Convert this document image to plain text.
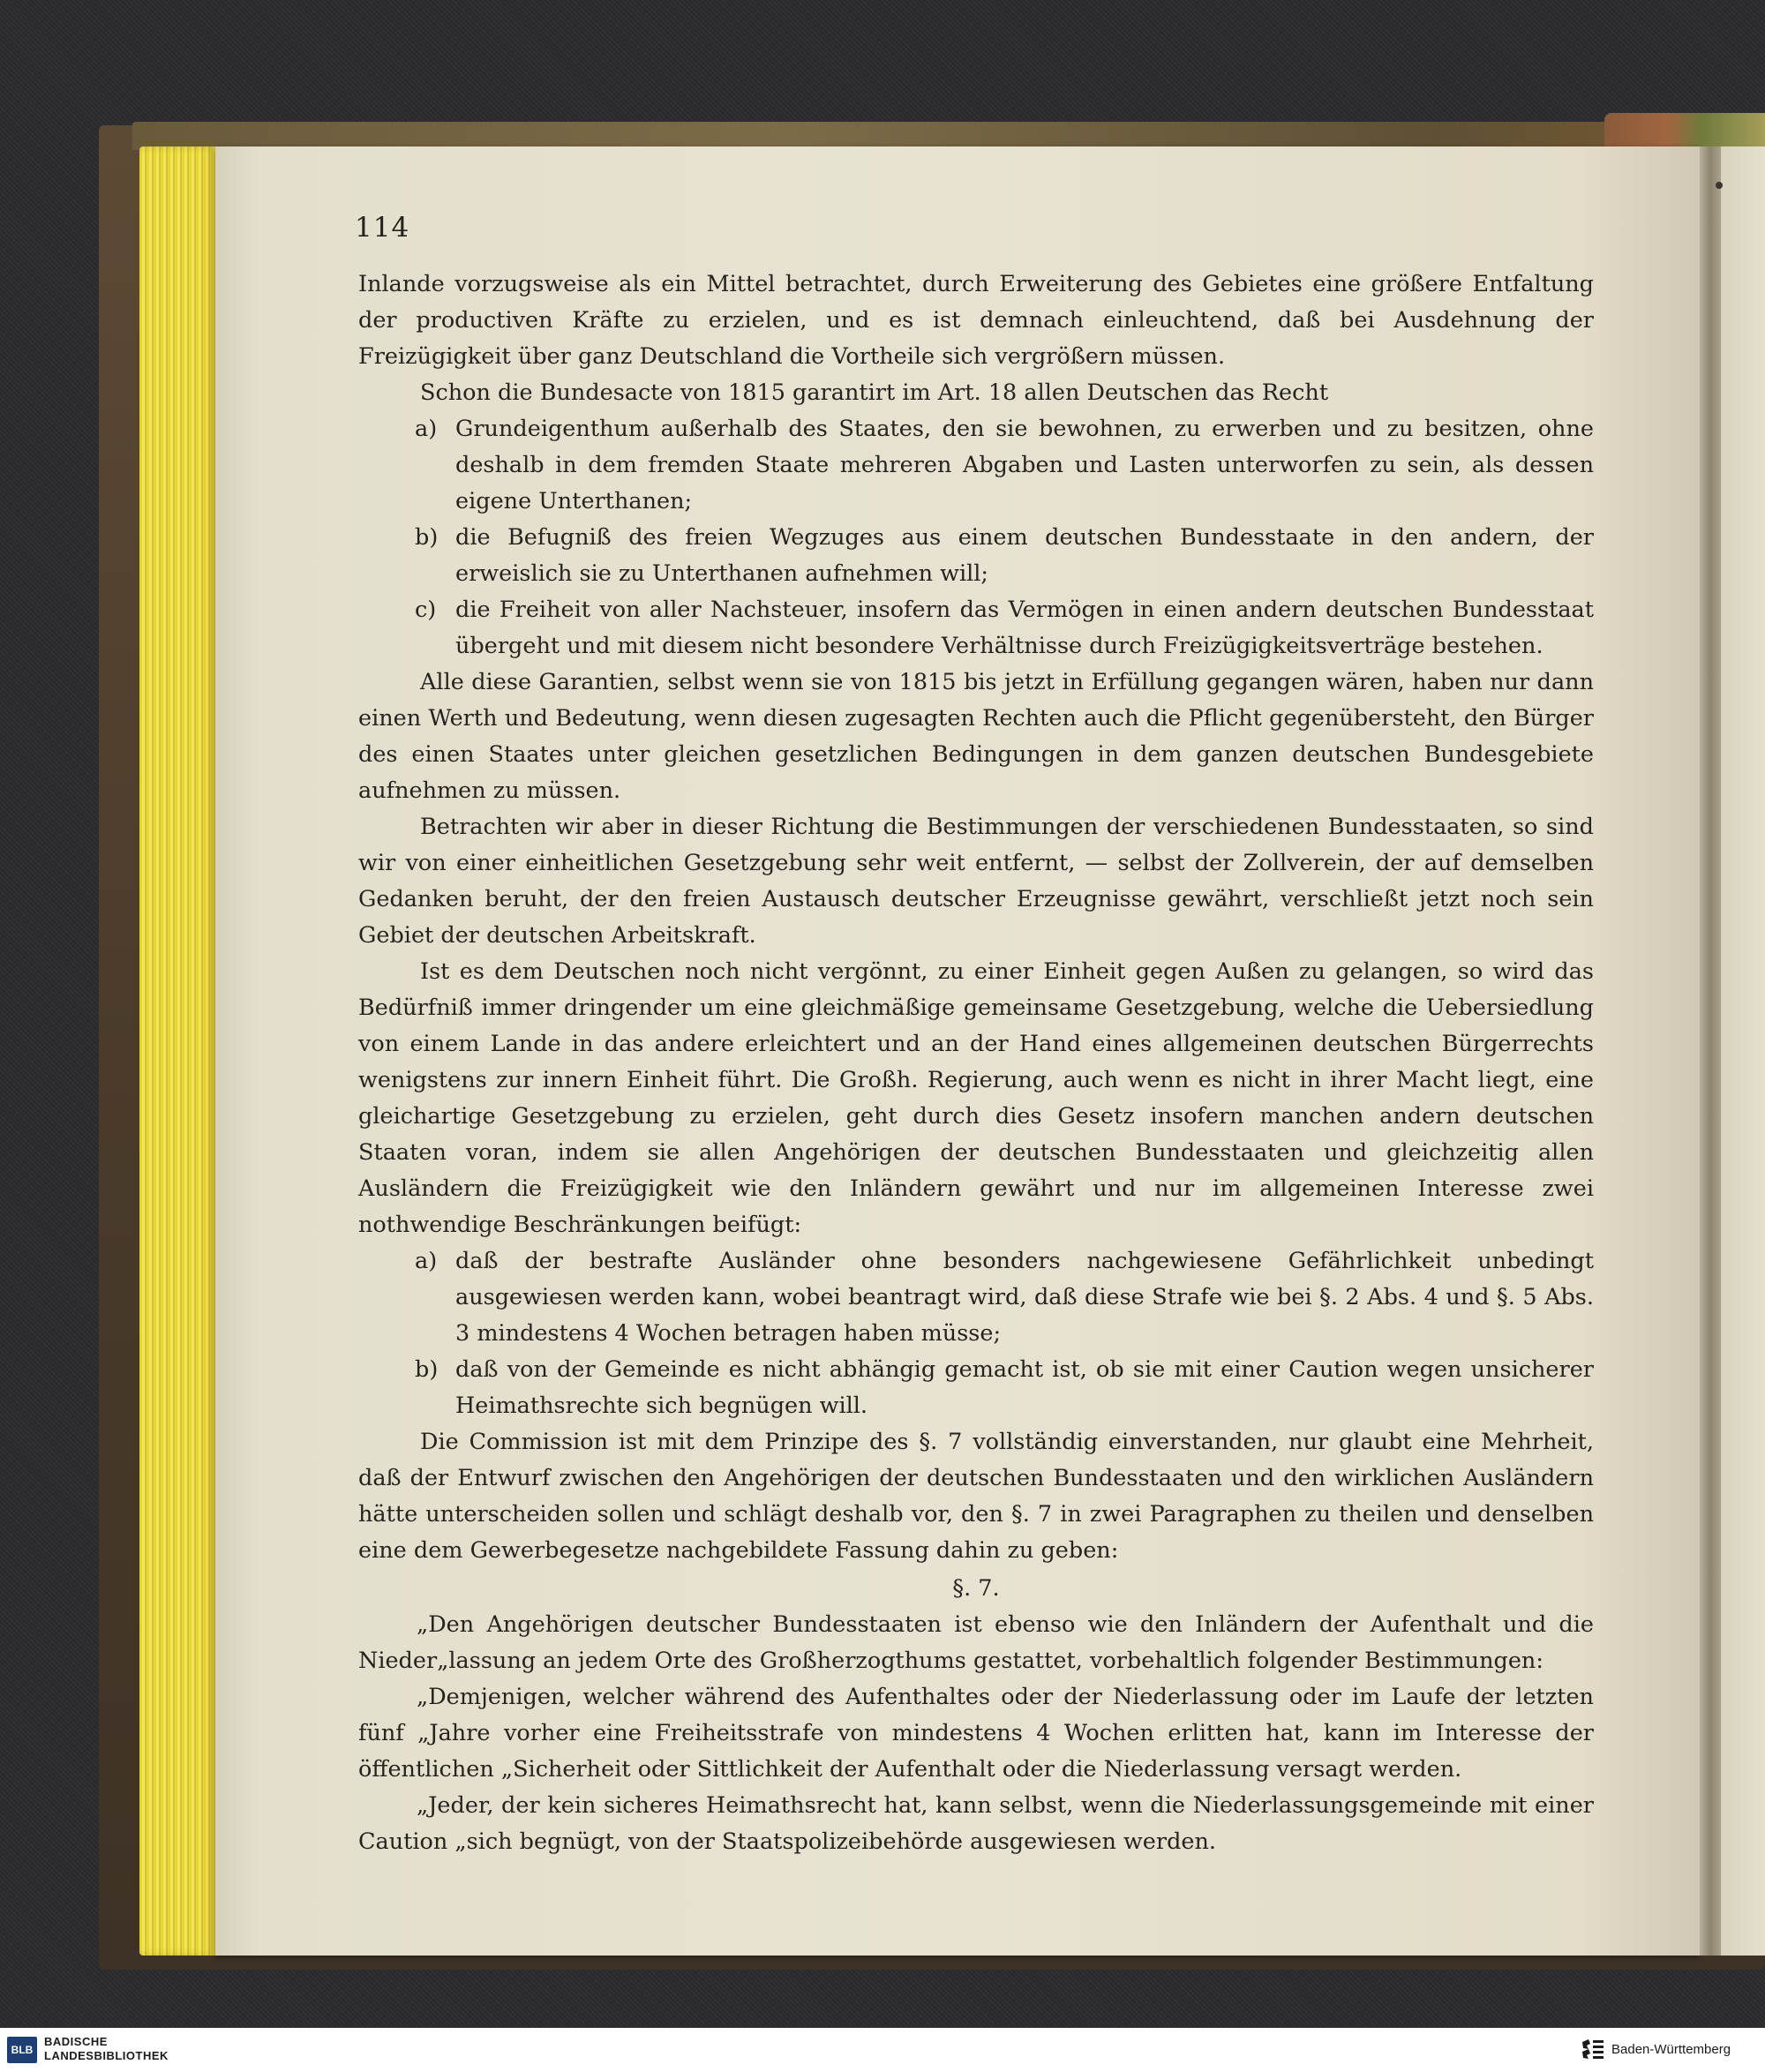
114

Inlande vorzugsweise als ein Mittel betrachtet, durch Erweiterung des Gebietes eine größere Entfaltung der productiven Kräfte zu erzielen, und es ist demnach einleuchtend, daß bei Ausdehnung der Freizügigkeit über ganz Deutschland die Vortheile sich vergrößern müssen.

Schon die Bundesacte von 1815 garantirt im Art. 18 allen Deutschen das Recht

a) Grundeigenthum außerhalb des Staates, den sie bewohnen, zu erwerben und zu besitzen, ohne deshalb in dem fremden Staate mehreren Abgaben und Lasten unterworfen zu sein, als dessen eigene Unterthanen;
b) die Befugniß des freien Wegzuges aus einem deutschen Bundesstaate in den andern, der erweislich sie zu Unterthanen aufnehmen will;
c) die Freiheit von aller Nachsteuer, insofern das Vermögen in einen andern deutschen Bundesstaat übergeht und mit diesem nicht besondere Verhältnisse durch Freizügigkeitsverträge bestehen.

Alle diese Garantien, selbst wenn sie von 1815 bis jetzt in Erfüllung gegangen wären, haben nur dann einen Werth und Bedeutung, wenn diesen zugesagten Rechten auch die Pflicht gegenübersteht, den Bürger des einen Staates unter gleichen gesetzlichen Bedingungen in dem ganzen deutschen Bundesgebiete aufnehmen zu müssen.

Betrachten wir aber in dieser Richtung die Bestimmungen der verschiedenen Bundesstaaten, so sind wir von einer einheitlichen Gesetzgebung sehr weit entfernt, — selbst der Zollverein, der auf demselben Gedanken beruht, der den freien Austausch deutscher Erzeugnisse gewährt, verschließt jetzt noch sein Gebiet der deutschen Arbeitskraft.

Ist es dem Deutschen noch nicht vergönnt, zu einer Einheit gegen Außen zu gelangen, so wird das Bedürfniß immer dringender um eine gleichmäßige gemeinsame Gesetzgebung, welche die Uebersiedlung von einem Lande in das andere erleichtert und an der Hand eines allgemeinen deutschen Bürgerrechts wenigstens zur innern Einheit führt. Die Großh. Regierung, auch wenn es nicht in ihrer Macht liegt, eine gleichartige Gesetzgebung zu erzielen, geht durch dies Gesetz insofern manchen andern deutschen Staaten voran, indem sie allen Angehörigen der deutschen Bundesstaaten und gleichzeitig allen Ausländern die Freizügigkeit wie den Inländern gewährt und nur im allgemeinen Interesse zwei nothwendige Beschränkungen beifügt:

a) daß der bestrafte Ausländer ohne besonders nachgewiesene Gefährlichkeit unbedingt ausgewiesen werden kann, wobei beantragt wird, daß diese Strafe wie bei §. 2 Abs. 4 und §. 5 Abs. 3 mindestens 4 Wochen betragen haben müsse;
b) daß von der Gemeinde es nicht abhängig gemacht ist, ob sie mit einer Caution wegen unsicherer Heimathsrechte sich begnügen will.

Die Commission ist mit dem Prinzipe des §. 7 vollständig einverstanden, nur glaubt eine Mehrheit, daß der Entwurf zwischen den Angehörigen der deutschen Bundesstaaten und den wirklichen Ausländern hätte unterscheiden sollen und schlägt deshalb vor, den §. 7 in zwei Paragraphen zu theilen und denselben eine dem Gewerbegesetze nachgebildete Fassung dahin zu geben:

§. 7.

„Den Angehörigen deutscher Bundesstaaten ist ebenso wie den Inländern der Aufenthalt und die Nieder„lassung an jedem Orte des Großherzogthums gestattet, vorbehaltlich folgender Bestimmungen:

„Demjenigen, welcher während des Aufenthaltes oder der Niederlassung oder im Laufe der letzten fünf „Jahre vorher eine Freiheitsstrafe von mindestens 4 Wochen erlitten hat, kann im Interesse der öffentlichen „Sicherheit oder Sittlichkeit der Aufenthalt oder die Niederlassung versagt werden.

„Jeder, der kein sicheres Heimathsrecht hat, kann selbst, wenn die Niederlassungsgemeinde mit einer Caution „sich begnügt, von der Staatspolizeibehörde ausgewiesen werden.

BLB
BADISCHE
LANDESBIBLIOTHEK	Baden-Württemberg
